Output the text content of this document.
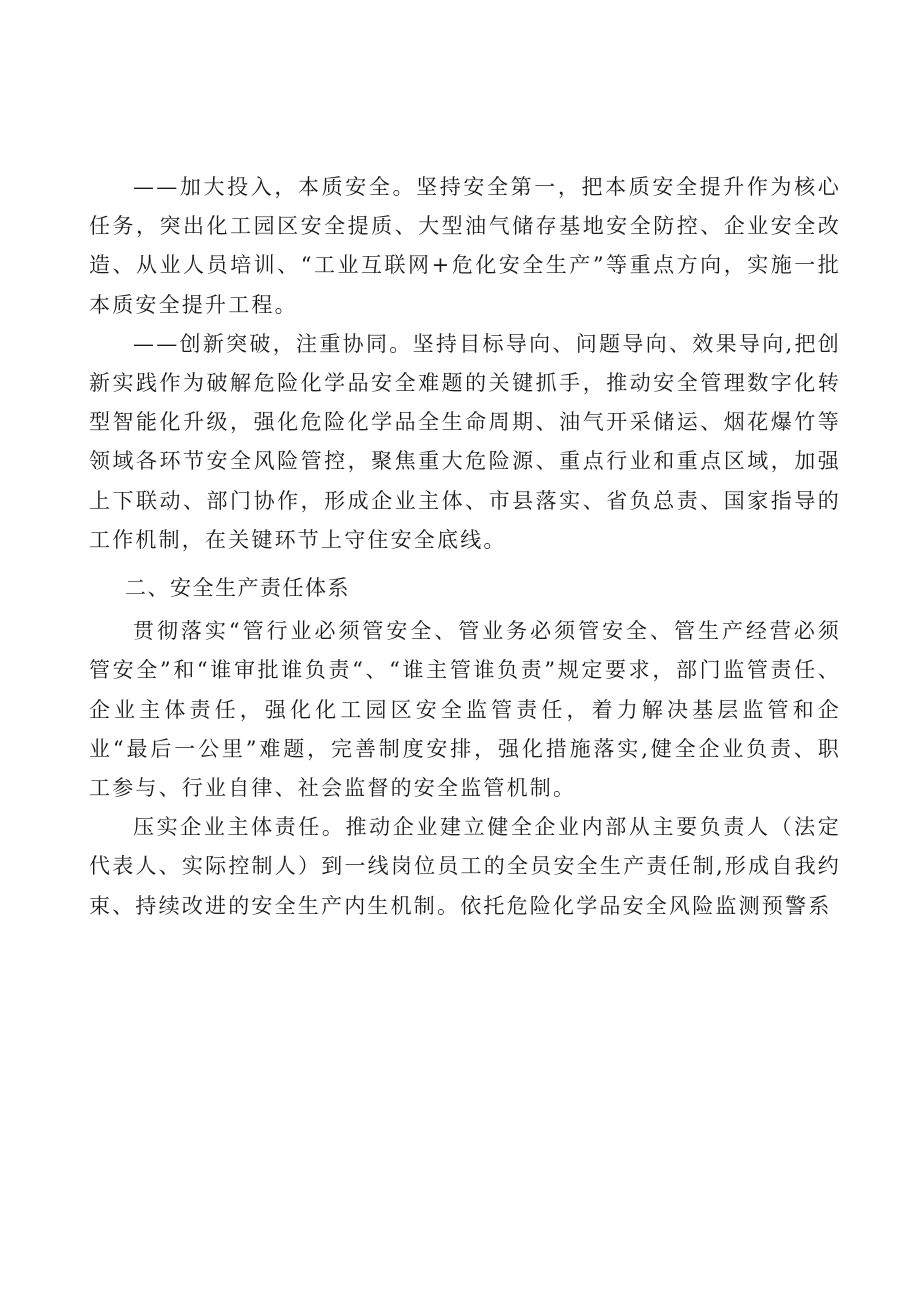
——加大投入，本质安全。坚持安全第一，把本质安全提升作为核心任务，突出化工园区安全提质、大型油气储存基地安全防控、企业安全改造、从业人员培训、“工业互联网+危化安全生产”等重点方向，实施一批本质安全提升工程。

——创新突破，注重协同。坚持目标导向、问题导向、效果导向,把创新实践作为破解危险化学品安全难题的关键抓手，推动安全管理数字化转型智能化升级，强化危险化学品全生命周期、油气开采储运、烟花爆竹等领域各环节安全风险管控，聚焦重大危险源、重点行业和重点区域，加强上下联动、部门协作，形成企业主体、市县落实、省负总责、国家指导的工作机制，在关键环节上守住安全底线。

二、安全生产责任体系

贯彻落实“管行业必须管安全、管业务必须管安全、管生产经营必须管安全”和“谁审批谁负责“、“谁主管谁负责”规定要求，部门监管责任、企业主体责任，强化化工园区安全监管责任，着力解决基层监管和企业“最后一公里”难题，完善制度安排，强化措施落实,健全企业负责、职工参与、行业自律、社会监督的安全监管机制。

压实企业主体责任。推动企业建立健全企业内部从主要负责人（法定代表人、实际控制人）到一线岗位员工的全员安全生产责任制,形成自我约束、持续改进的安全生产内生机制。依托危险化学品安全风险监测预警系
